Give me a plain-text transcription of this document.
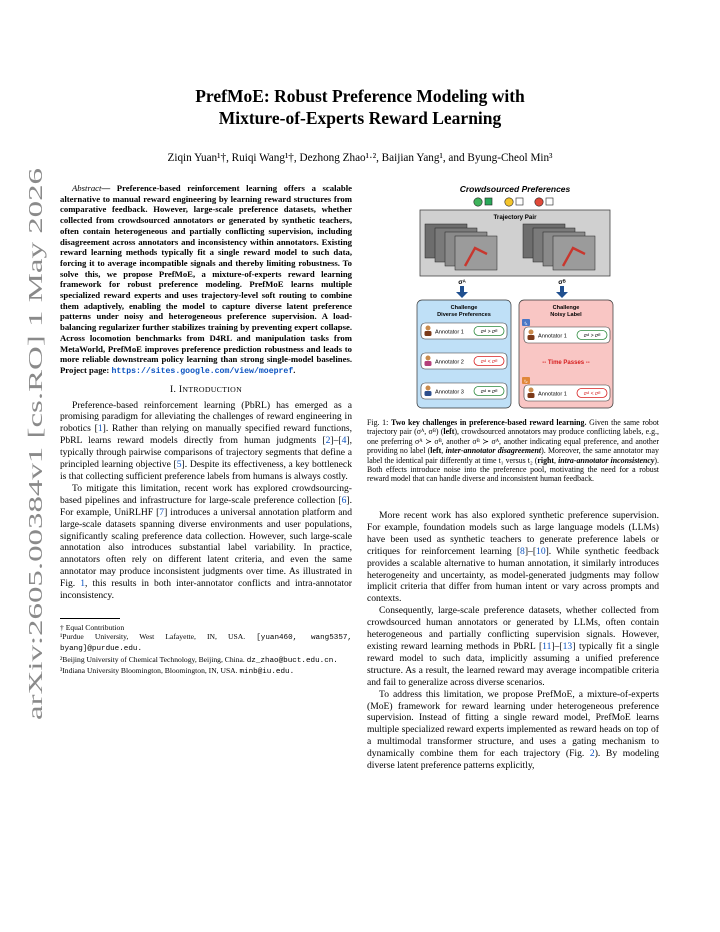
arXiv:2605.00384v1 [cs.RO] 1 May 2026
PrefMoE: Robust Preference Modeling with
Mixture-of-Experts Reward Learning
Ziqin Yuan¹†, Ruiqi Wang¹†, Dezhong Zhao¹·², Baijian Yang¹, and Byung-Cheol Min³
Abstract— Preference-based reinforcement learning offers a scalable alternative to manual reward engineering by learning reward structures from comparative feedback. However, large-scale preference datasets, whether collected from crowdsourced annotators or generated by synthetic teachers, often contain heterogeneous and partially conflicting supervision, including disagreement across annotators and inconsistency within annotators. Existing reward learning methods typically fit a single reward model to such data, forcing it to average incompatible signals and thereby limiting robustness. To solve this, we propose PrefMoE, a mixture-of-experts reward learning framework for robust preference modeling. PrefMoE learns multiple specialized reward experts and uses trajectory-level soft routing to combine them adaptively, enabling the model to capture diverse latent preference patterns under noisy and heterogeneous preference supervision. A load-balancing regularizer further stabilizes training by preventing expert collapse. Across locomotion benchmarks from D4RL and manipulation tasks from MetaWorld, PrefMoE improves preference prediction robustness and leads to more reliable downstream policy learning than strong single-model baselines. Project page: https://sites.google.com/view/moepref.
I. INTRODUCTION

Preference-based reinforcement learning (PbRL) has emerged as a promising paradigm for alleviating the challenges of reward engineering in robotics [1]. Rather than relying on manually specified reward functions, PbRL learns reward models directly from human judgments [2]–[4], typically through pairwise comparisons of trajectory segments that define a principled learning objective [5]. Despite its effectiveness, a key bottleneck is that collecting sufficient preference labels from humans is always costly.

To mitigate this limitation, recent work has explored crowdsourcing-based pipelines and infrastructure for large-scale preference collection [6]. For example, UniRLHF [7] introduces a universal annotation platform and large-scale datasets spanning diverse environments and user populations, significantly scaling preference data collection. However, such large-scale annotation also introduces substantial label variability. In practice, annotators often rely on different latent criteria, and even the same annotator may produce inconsistent judgments over time. As illustrated in Fig. 1, this results in both inter-annotator conflicts and intra-annotator inconsistency.

† Equal Contribution
¹Purdue University, West Lafayette, IN, USA. [yuan460, wang5357, byang]@purdue.edu.
²Beijing University of Chemical Technology, Beijing, China. dz_zhao@buct.edu.cn.
³Indiana University Bloomington, Bloomington, IN, USA. minb@iu.edu.
Crowdsourced Preferences
Trajectory Pair
σᴬ	σᴮ
Challenge
Diverse Preferences
Annotator 1	σᴬ > σᴮ
Annotator 2	σᴬ < σᴮ
Annotator 3	σᴬ = σᴮ
Challenge
Noisy Label
t₁
Annotator 1	σᴬ > σᴮ
-- Time Passes --
t₂
Annotator 1	σᴬ < σᴮ
Fig. 1: Two key challenges in preference-based reward learning. Given the same robot trajectory pair (σᴬ, σᴮ) (left), crowdsourced annotators may produce conflicting labels, e.g., one preferring σᴬ ≻ σᴮ, another σᴮ ≻ σᴬ, another indicating equal preference, and another providing no label (left, inter-annotator disagreement). Moreover, the same annotator may label the identical pair differently at time t₁ versus t₂ (right, intra-annotator inconsistency). Both effects introduce noise into the preference pool, motivating the need for a robust reward model that can handle diverse and inconsistent human feedback.

More recent work has also explored synthetic preference supervision. For example, foundation models such as large language models (LLMs) have been used as synthetic teachers to generate preference labels or critiques for reinforcement learning [8]–[10]. While synthetic feedback provides a scalable alternative to human annotation, it similarly introduces heterogeneity and uncertainty, as model-generated judgments may follow implicit criteria that differ from human intent or vary across prompts and contexts.

Consequently, large-scale preference datasets, whether collected from crowdsourced human annotators or generated by LLMs, often contain heterogeneous and partially conflicting supervision signals. However, existing reward learning methods in PbRL [11]–[13] typically fit a single reward model to such data, implicitly assuming a unified preference structure. As a result, the learned reward may average incompatible criteria and fail to generalize across diverse scenarios.

To address this limitation, we propose PrefMoE, a mixture-of-experts (MoE) framework for reward learning under heterogeneous preference supervision. Instead of fitting a single reward model, PrefMoE learns multiple specialized reward experts implemented as reward heads on top of a multimodal transformer structure, and uses a gating mechanism to dynamically combine them for each trajectory (Fig. 2). By modeling diverse latent preference patterns explicitly,
